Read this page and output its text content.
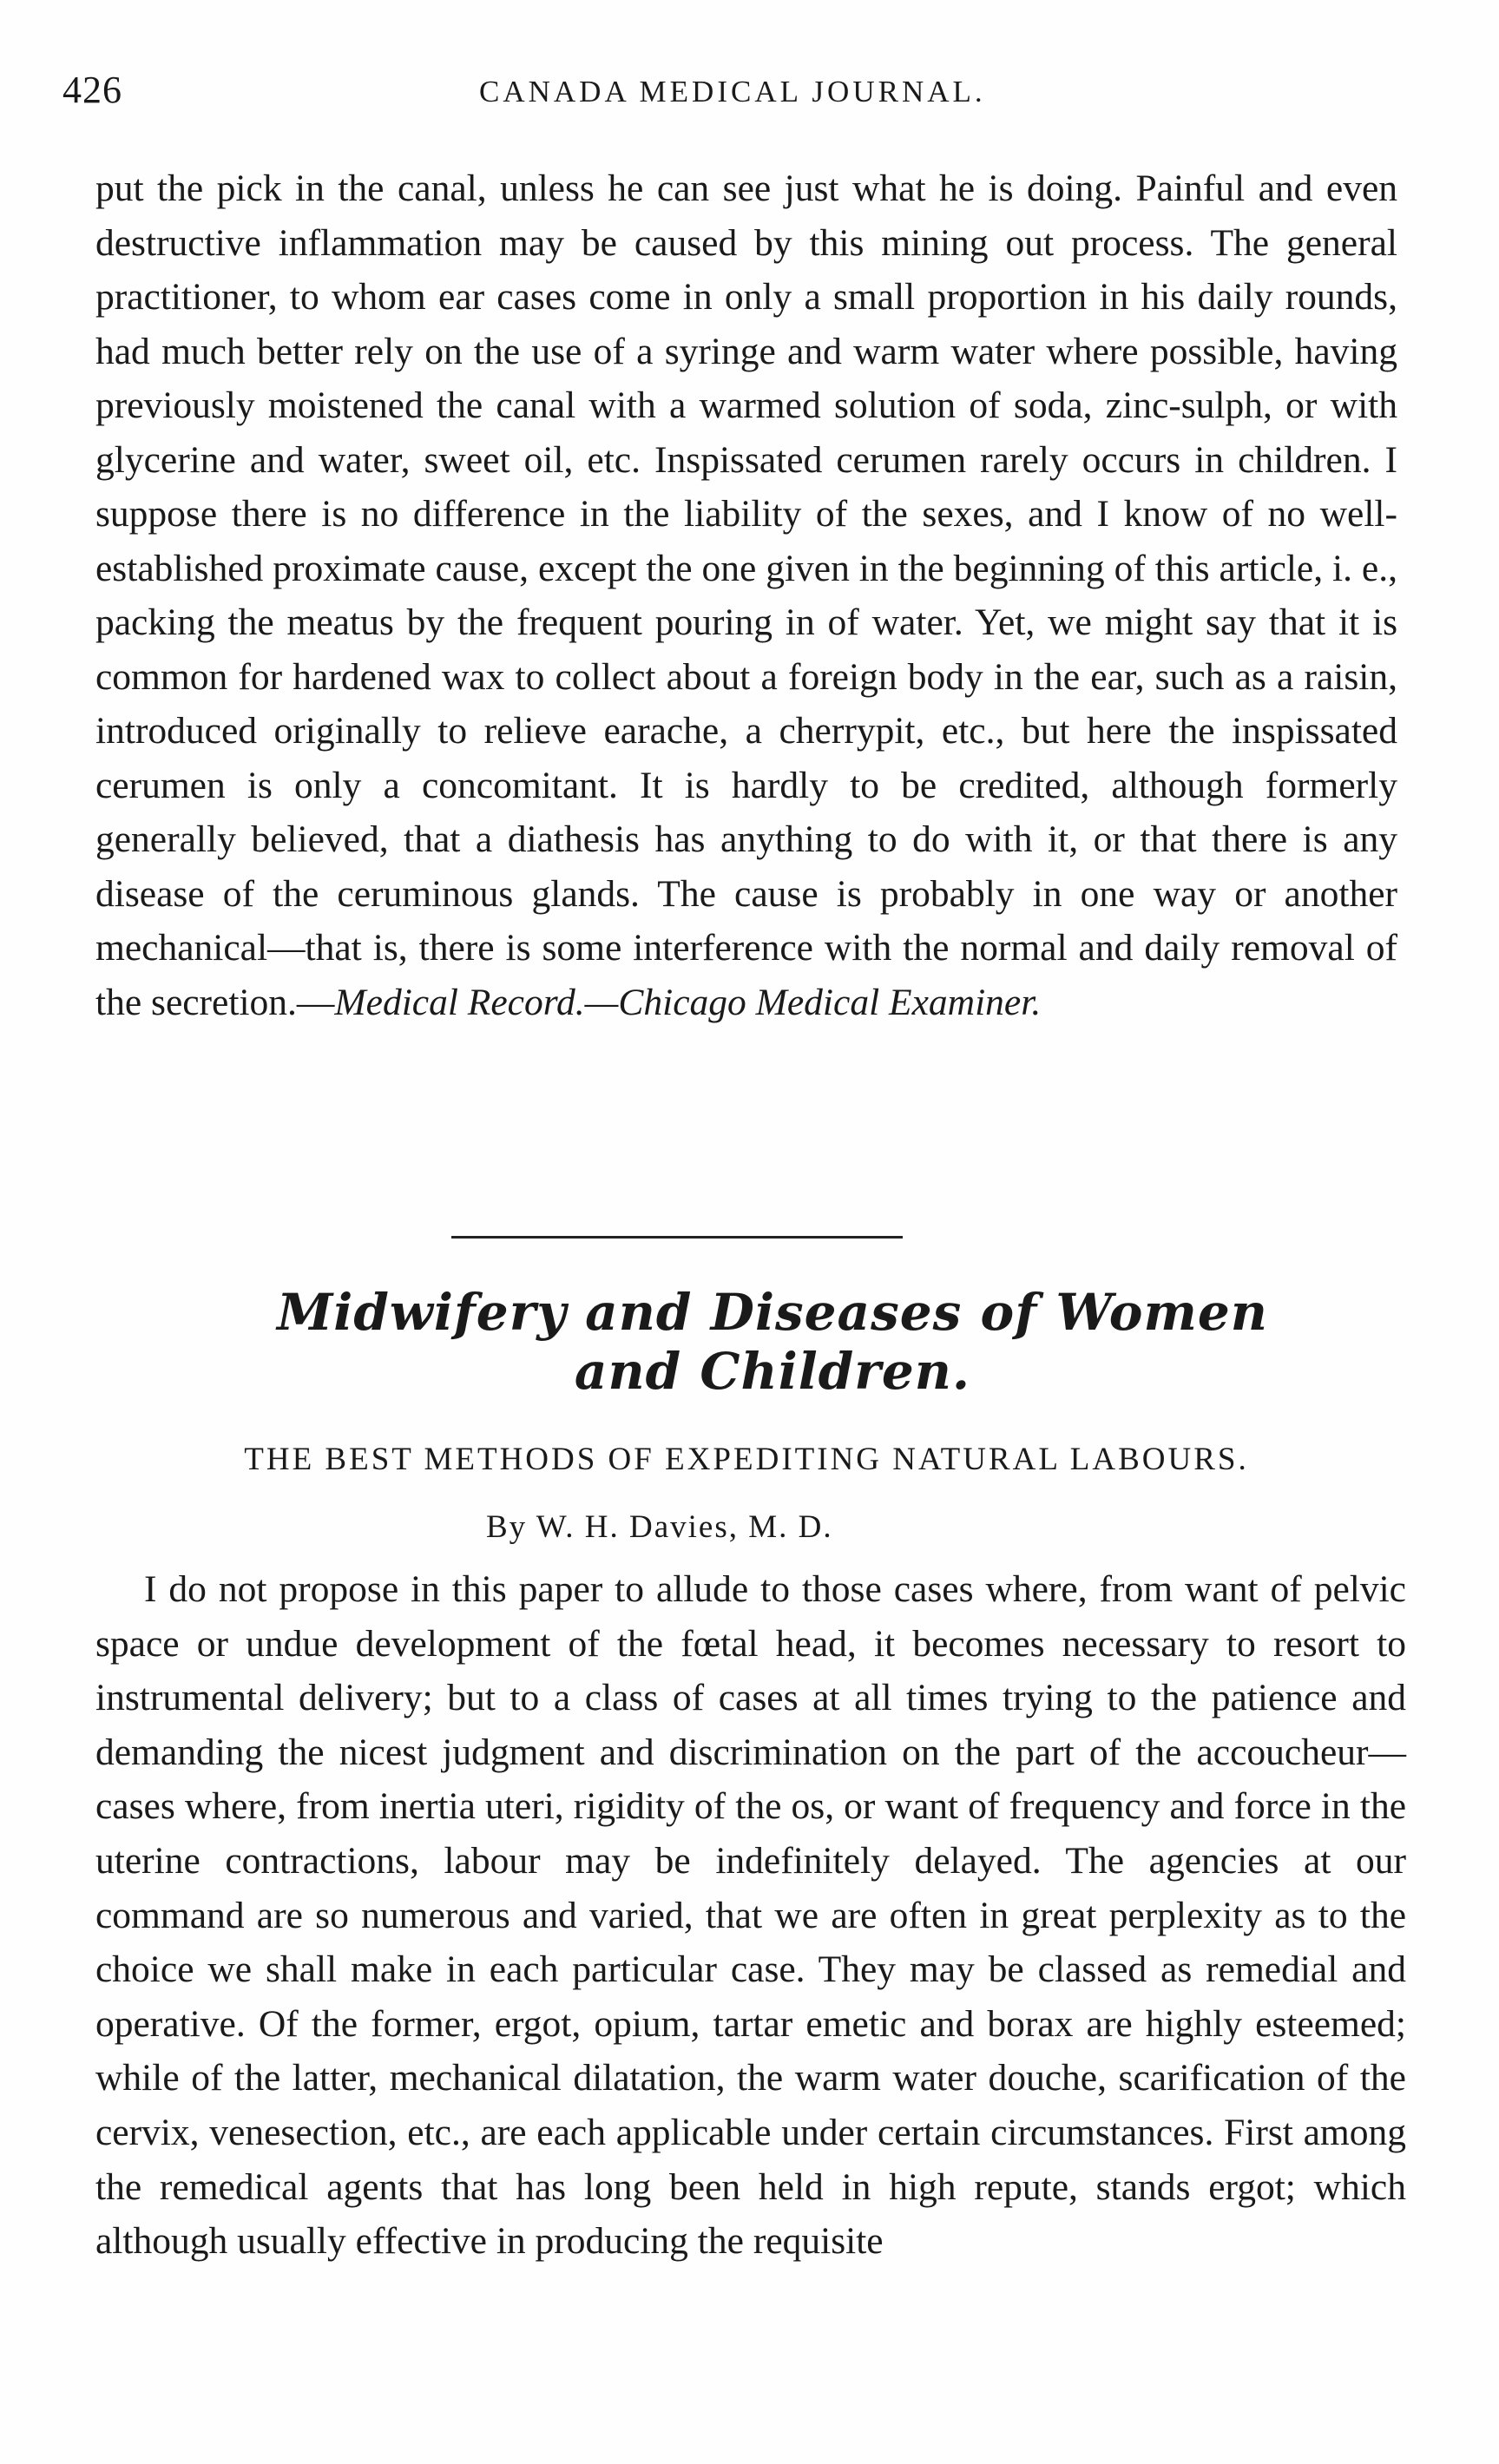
426	CANADA MEDICAL JOURNAL.

put the pick in the canal, unless he can see just what he is doing. Painful and even destructive inflammation may be caused by this mining out process. The general practitioner, to whom ear cases come in only a small proportion in his daily rounds, had much better rely on the use of a syringe and warm water where possible, having previously moistened the canal with a warmed solution of soda, zinc-sulph, or with glycerine and water, sweet oil, etc. Inspissated cerumen rarely occurs in children. I suppose there is no difference in the liability of the sexes, and I know of no well-established proximate cause, except the one given in the beginning of this article, i. e., packing the meatus by the frequent pouring in of water. Yet, we might say that it is common for hardened wax to collect about a foreign body in the ear, such as a raisin, introduced originally to relieve earache, a cherrypit, etc., but here the inspissated cerumen is only a concomitant. It is hardly to be credited, although formerly generally believed, that a diathesis has anything to do with it, or that there is any disease of the ceruminous glands. The cause is probably in one way or another mechanical—that is, there is some interference with the normal and daily removal of the secretion.—Medical Record.—Chicago Medical Examiner.

Midwifery and Diseases of Women and Children.
THE BEST METHODS OF EXPEDITING NATURAL LABOURS.
By W. H. Davies, M. D.

I do not propose in this paper to allude to those cases where, from want of pelvic space or undue development of the fœtal head, it becomes necessary to resort to instrumental delivery; but to a class of cases at all times trying to the patience and demanding the nicest judgment and discrimination on the part of the accoucheur—cases where, from inertia uteri, rigidity of the os, or want of frequency and force in the uterine contractions, labour may be indefinitely delayed. The agencies at our command are so numerous and varied, that we are often in great perplexity as to the choice we shall make in each particular case. They may be classed as remedial and operative. Of the former, ergot, opium, tartar emetic and borax are highly esteemed; while of the latter, mechanical dilatation, the warm water douche, scarification of the cervix, venesection, etc., are each applicable under certain circumstances. First among the remedical agents that has long been held in high repute, stands ergot; which although usually effective in producing the requisite
